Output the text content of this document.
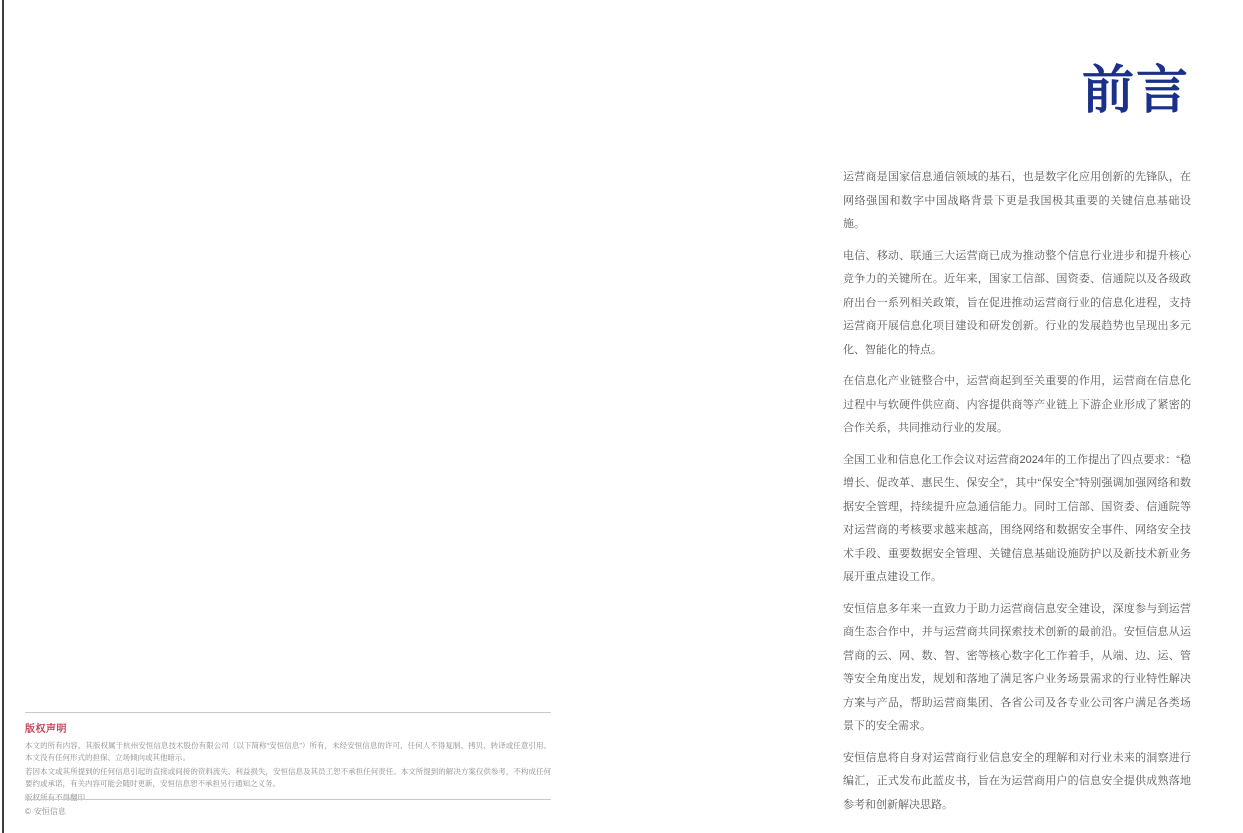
版权声明

本文的所有内容，其版权属于杭州安恒信息技术股份有限公司（以下简称“安恒信息”）所有，未经安恒信息的许可，任何人不得复制、拷贝、转译或任意引用。本文没有任何形式的担保、立场倾向或其他暗示。

若因本文或其所提到的任何信息引起的直接或间接的资料流失、利益损失，安恒信息及其员工恕不承担任何责任。本文所提到的解决方案仅供参考，不构成任何要约或承诺，有关内容可能会随时更新，安恒信息恕不承担另行通知之义务。

版权所有不得翻印

© 安恒信息
前言

运营商是国家信息通信领域的基石，也是数字化应用创新的先锋队，在网络强国和数字中国战略背景下更是我国极其重要的关键信息基础设施。

电信、移动、联通三大运营商已成为推动整个信息行业进步和提升核心竞争力的关键所在。近年来，国家工信部、国资委、信通院以及各级政府出台一系列相关政策，旨在促进推动运营商行业的信息化进程，支持运营商开展信息化项目建设和研发创新。行业的发展趋势也呈现出多元化、智能化的特点。

在信息化产业链整合中，运营商起到至关重要的作用，运营商在信息化过程中与软硬件供应商、内容提供商等产业链上下游企业形成了紧密的合作关系，共同推动行业的发展。

全国工业和信息化工作会议对运营商2024年的工作提出了四点要求：“稳增长、促改革、惠民生、保安全”，其中“保安全”特别强调加强网络和数据安全管理，持续提升应急通信能力。同时工信部、国资委、信通院等对运营商的考核要求越来越高，围绕网络和数据安全事件、网络安全技术手段、重要数据安全管理、关键信息基础设施防护以及新技术新业务展开重点建设工作。

安恒信息多年来一直致力于助力运营商信息安全建设，深度参与到运营商生态合作中，并与运营商共同探索技术创新的最前沿。安恒信息从运营商的云、网、数、智、密等核心数字化工作着手，从端、边、运、管等安全角度出发，规划和落地了满足客户业务场景需求的行业特性解决方案与产品，帮助运营商集团、各省公司及各专业公司客户满足各类场景下的安全需求。

安恒信息将自身对运营商行业信息安全的理解和对行业未来的洞察进行编汇，正式发布此蓝皮书，旨在为运营商用户的信息安全提供成熟落地参考和创新解决思路。
